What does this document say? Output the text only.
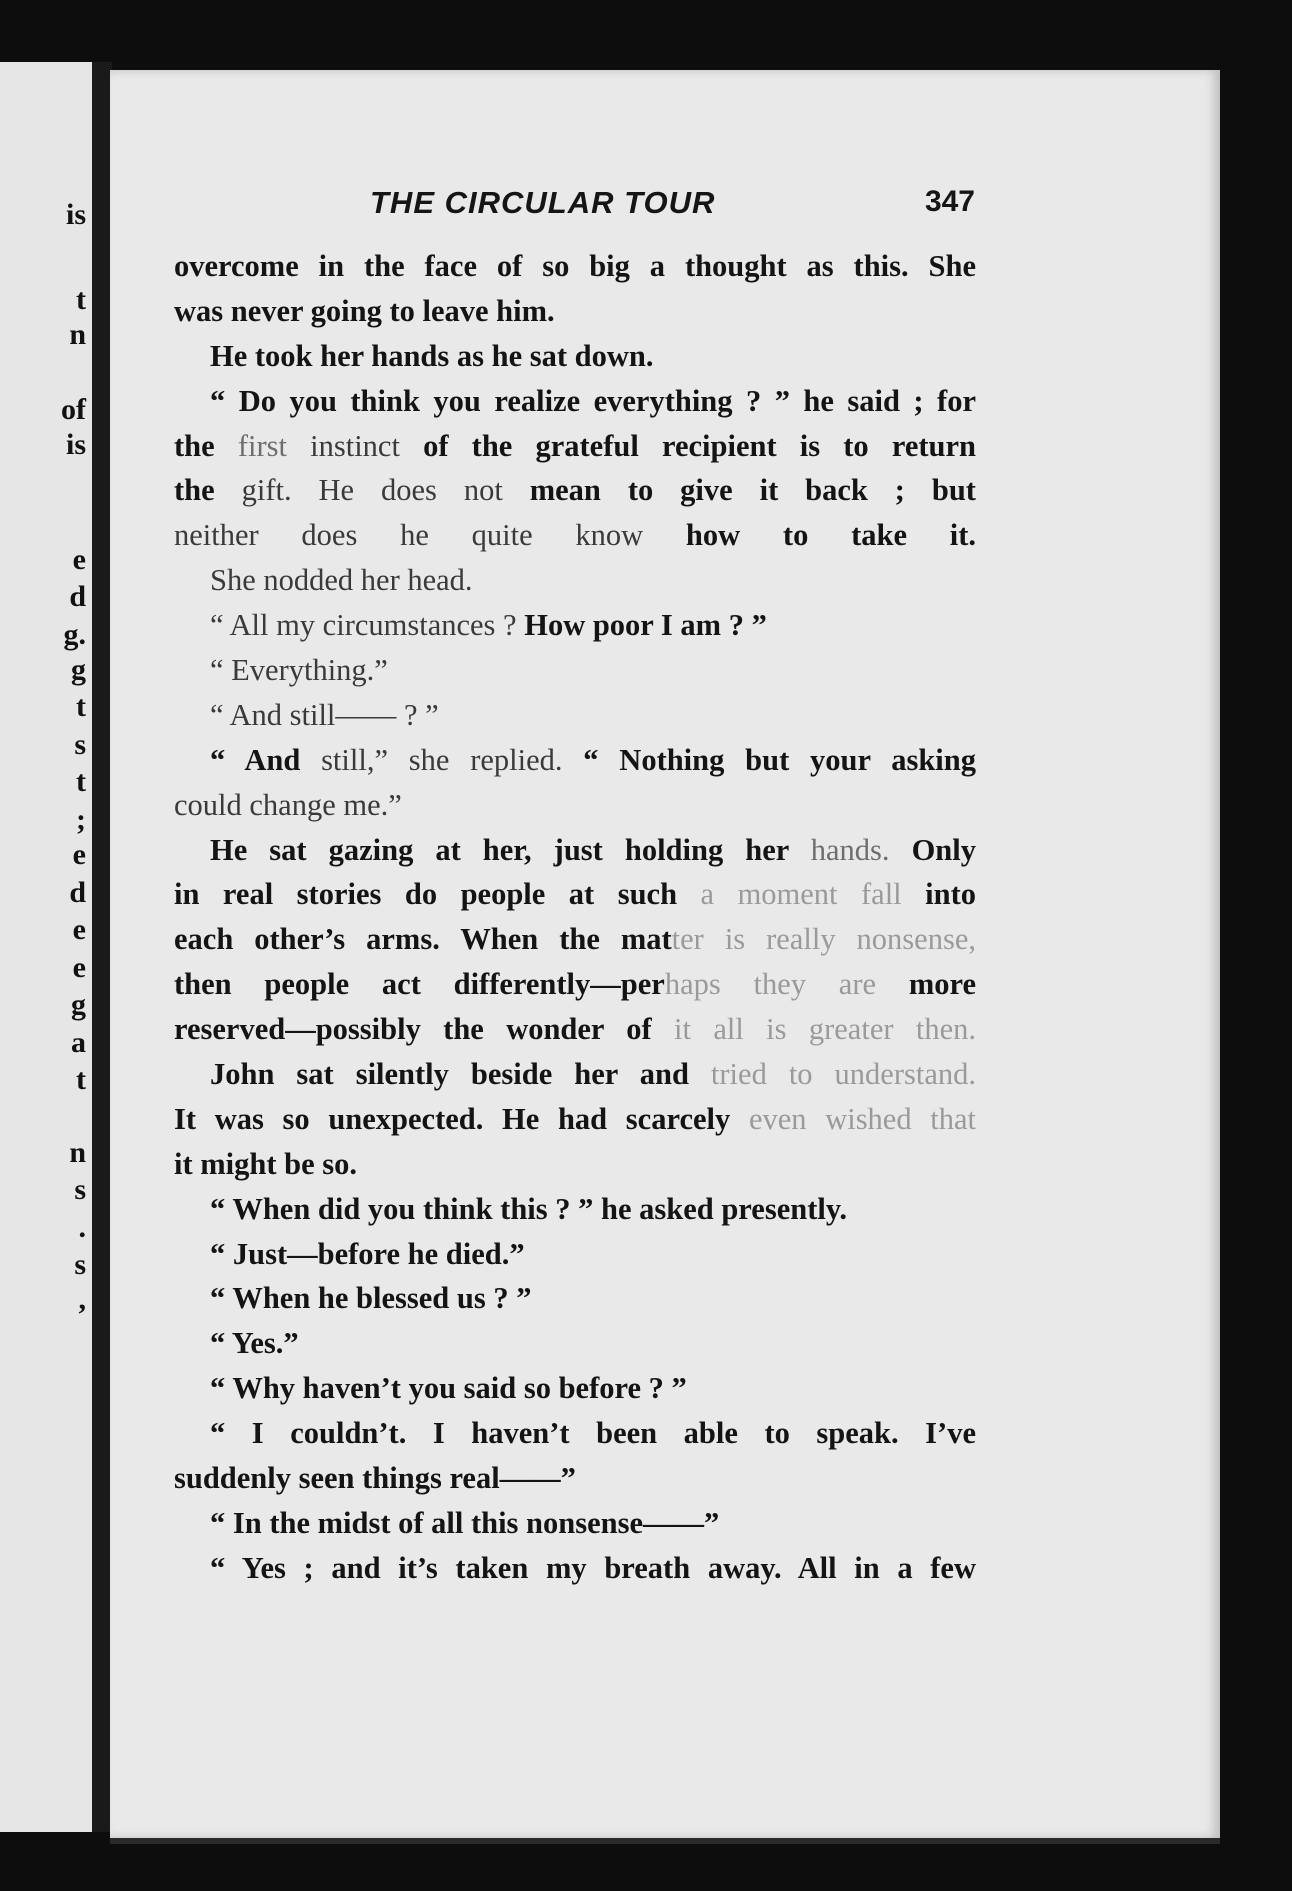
is
t
n
of
is
e
d
g.
g
t
s
t
;
e
d
e
e
g
a
t
n
s
.
s
,
THE CIRCULAR TOUR	347
overcome in the face of so big a thought as this. She
was never going to leave him.
He took her hands as he sat down.
“ Do you think you realize everything ? ” he said ; for
the first instinct of the grateful recipient is to return
the gift. He does not mean to give it back ; but
neither does he quite know how to take it.
She nodded her head.
“ All my circumstances ? How poor I am ? ”
“ Everything.”
“ And still—— ? ”
“ And still,” she replied. “ Nothing but your asking
could change me.”
He sat gazing at her, just holding her hands. Only
in real stories do people at such a moment fall into
each other’s arms. When the matter is really nonsense,
then people act differently—perhaps they are more
reserved—possibly the wonder of it all is greater then.
John sat silently beside her and tried to understand.
It was so unexpected. He had scarcely even wished that
it might be so.
“ When did you think this ? ” he asked presently.
“ Just—before he died.”
“ When he blessed us ? ”
“ Yes.”
“ Why haven’t you said so before ? ”
“ I couldn’t. I haven’t been able to speak. I’ve
suddenly seen things real——”
“ In the midst of all this nonsense——”
“ Yes ; and it’s taken my breath away. All in a few
